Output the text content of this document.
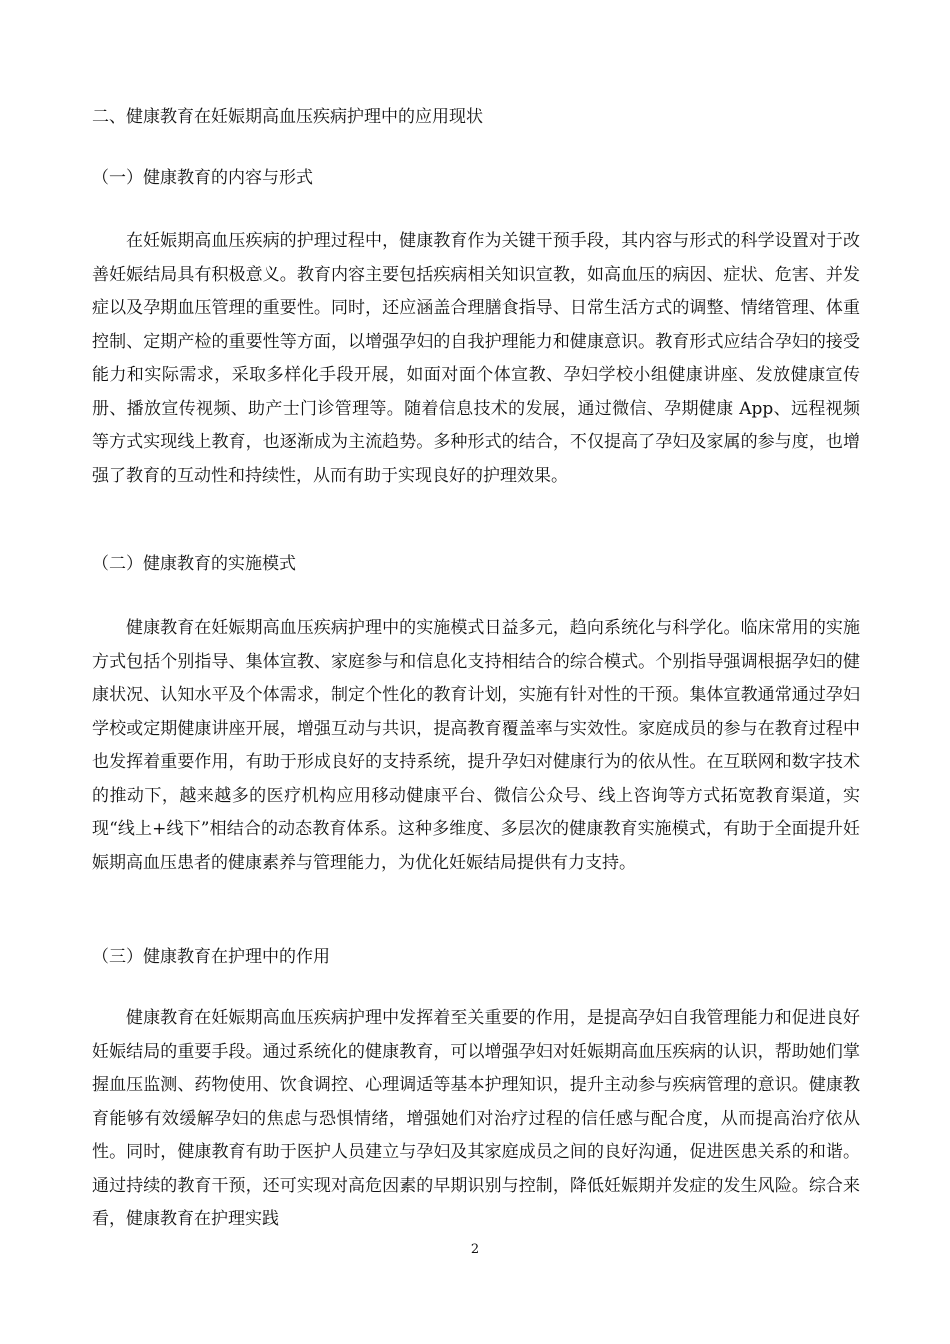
二、健康教育在妊娠期高血压疾病护理中的应用现状
（一）健康教育的内容与形式

在妊娠期高血压疾病的护理过程中，健康教育作为关键干预手段，其内容与形式的科学设置对于改善妊娠结局具有积极意义。教育内容主要包括疾病相关知识宣教，如高血压的病因、症状、危害、并发症以及孕期血压管理的重要性。同时，还应涵盖合理膳食指导、日常生活方式的调整、情绪管理、体重控制、定期产检的重要性等方面，以增强孕妇的自我护理能力和健康意识。教育形式应结合孕妇的接受能力和实际需求，采取多样化手段开展，如面对面个体宣教、孕妇学校小组健康讲座、发放健康宣传册、播放宣传视频、助产士门诊管理等。随着信息技术的发展，通过微信、孕期健康 App、远程视频等方式实现线上教育，也逐渐成为主流趋势。多种形式的结合，不仅提高了孕妇及家属的参与度，也增强了教育的互动性和持续性，从而有助于实现良好的护理效果。

（二）健康教育的实施模式

健康教育在妊娠期高血压疾病护理中的实施模式日益多元，趋向系统化与科学化。临床常用的实施方式包括个别指导、集体宣教、家庭参与和信息化支持相结合的综合模式。个别指导强调根据孕妇的健康状况、认知水平及个体需求，制定个性化的教育计划，实施有针对性的干预。集体宣教通常通过孕妇学校或定期健康讲座开展，增强互动与共识，提高教育覆盖率与实效性。家庭成员的参与在教育过程中也发挥着重要作用，有助于形成良好的支持系统，提升孕妇对健康行为的依从性。在互联网和数字技术的推动下，越来越多的医疗机构应用移动健康平台、微信公众号、线上咨询等方式拓宽教育渠道，实现“线上+线下”相结合的动态教育体系。这种多维度、多层次的健康教育实施模式，有助于全面提升妊娠期高血压患者的健康素养与管理能力，为优化妊娠结局提供有力支持。

（三）健康教育在护理中的作用

健康教育在妊娠期高血压疾病护理中发挥着至关重要的作用，是提高孕妇自我管理能力和促进良好妊娠结局的重要手段。通过系统化的健康教育，可以增强孕妇对妊娠期高血压疾病的认识，帮助她们掌握血压监测、药物使用、饮食调控、心理调适等基本护理知识，提升主动参与疾病管理的意识。健康教育能够有效缓解孕妇的焦虑与恐惧情绪，增强她们对治疗过程的信任感与配合度，从而提高治疗依从性。同时，健康教育有助于医护人员建立与孕妇及其家庭成员之间的良好沟通，促进医患关系的和谐。通过持续的教育干预，还可实现对高危因素的早期识别与控制，降低妊娠期并发症的发生风险。综合来看，健康教育在护理实践

2
